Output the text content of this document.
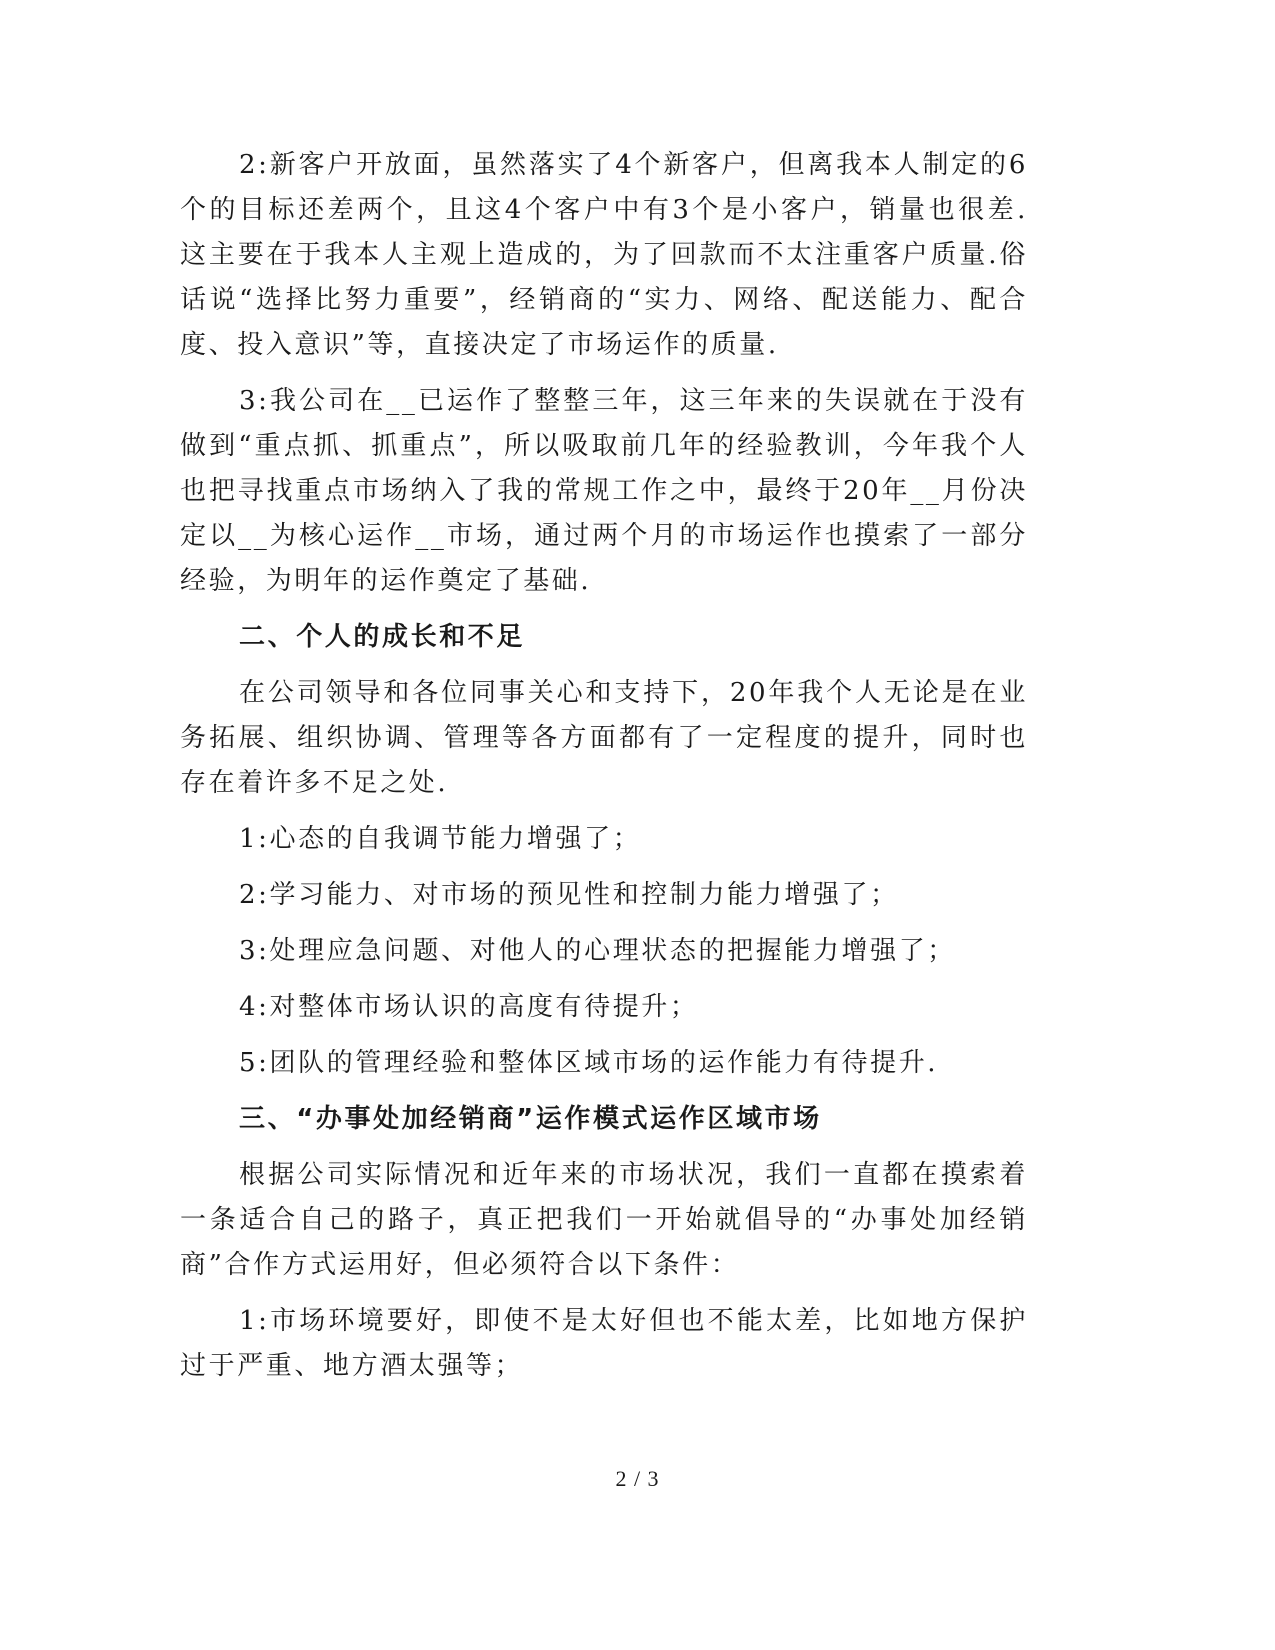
2:新客户开放面，虽然落实了4个新客户，但离我本人制定的6个的目标还差两个，且这4个客户中有3个是小客户，销量也很差.这主要在于我本人主观上造成的，为了回款而不太注重客户质量.俗话说“选择比努力重要”，经销商的“实力、网络、配送能力、配合度、投入意识”等，直接决定了市场运作的质量.

3:我公司在__已运作了整整三年，这三年来的失误就在于没有做到“重点抓、抓重点”，所以吸取前几年的经验教训，今年我个人也把寻找重点市场纳入了我的常规工作之中，最终于20年__月份决定以__为核心运作__市场，通过两个月的市场运作也摸索了一部分经验，为明年的运作奠定了基础.

二、个人的成长和不足

在公司领导和各位同事关心和支持下，20年我个人无论是在业务拓展、组织协调、管理等各方面都有了一定程度的提升，同时也存在着许多不足之处.

1:心态的自我调节能力增强了；

2:学习能力、对市场的预见性和控制力能力增强了；

3:处理应急问题、对他人的心理状态的把握能力增强了；

4:对整体市场认识的高度有待提升；

5:团队的管理经验和整体区域市场的运作能力有待提升.

三、“办事处加经销商”运作模式运作区域市场

根据公司实际情况和近年来的市场状况，我们一直都在摸索着一条适合自己的路子，真正把我们一开始就倡导的“办事处加经销商”合作方式运用好，但必须符合以下条件：

1:市场环境要好，即使不是太好但也不能太差，比如地方保护过于严重、地方酒太强等；

2 / 3
